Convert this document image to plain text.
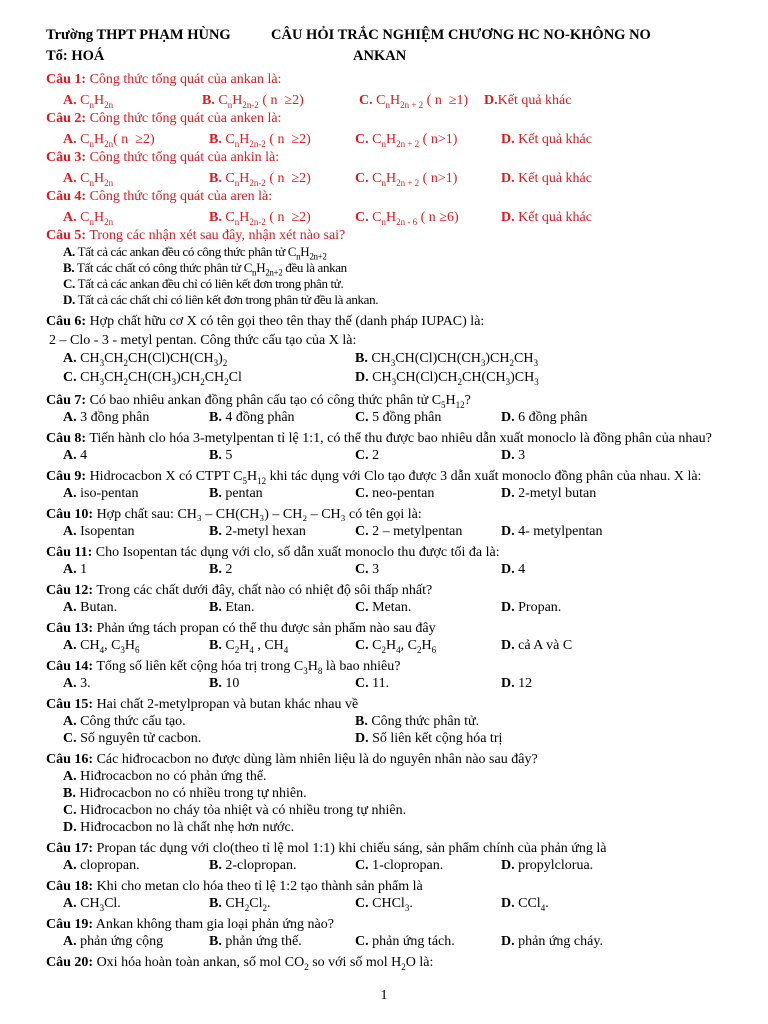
Trường THPT PHẠM HÙNG	CÂU HỎI TRẮC NGHIỆM CHƯƠNG HC NO-KHÔNG NO
Tổ: HOÁ	ANKAN
Câu 1: Công thức tổng quát của ankan là:
A. $C_nH_{2n}$	B. $C_nH_{2n-2}$ ( n  ≥2)	C. $C_nH_{2n + 2}$ ( n  ≥1) D.Kết quả khác
Câu 2: Công thức tổng quát của anken là:
A. $C_nH_{2n}$( n  ≥2)	B. $C_nH_{2n-2}$ ( n  ≥2)	C. $C_nH_{2n + 2}$ ( n>1)	D. Kết quả khác
Câu 3: Công thức tổng quát của ankin là:
A. $C_nH_{2n}$	B. $C_nH_{2n-2}$ ( n  ≥2)	C. $C_nH_{2n + 2}$ ( n>1)	D. Kết quả khác
Câu 4: Công thức tổng quát của aren là:
A. $C_nH_{2n}$	B. $C_nH_{2n-2}$ ( n  ≥2)	C. $C_nH_{2n - 6}$ ( n ≥6)	D. Kết quả khác
Câu 5: Trong các nhận xét sau đây, nhận xét nào sai?
A. Tất cả các ankan đều có công thức phân tử $C_nH_{2n+2}$
B. Tất các chất có công thức phân tử $C_nH_{2n+2}$ đều là ankan
C. Tất cả các ankan đều chỉ có liên kết đơn trong phân tử.
D. Tất cả các chất chỉ có liên kết đơn trong phân tử đều là ankan.
Câu 6: Hợp chất hữu cơ X có tên gọi theo tên thay thế (danh pháp IUPAC) là:
2 – Clo - 3 - metyl pentan. Công thức cấu tạo của X là:
A. $CH_3CH_2CH(Cl)CH(CH_3)_2$	B. $CH_3CH(Cl)CH(CH_3)CH_2CH_3$
C. $CH_3CH_2CH(CH_3)CH_2CH_2Cl$	D. $CH_3CH(Cl)CH_2CH(CH_3)CH_3$
Câu 7: Có bao nhiêu ankan đồng phân cấu tạo có công thức phân tử $C_5H_{12}$?
A. 3 đồng phân	B. 4 đồng phân	C. 5 đồng phân	D. 6 đồng phân
Câu 8: Tiến hành clo hóa 3-metylpentan tỉ lệ 1:1, có thể thu được bao nhiêu dẫn xuất monoclo là đồng phân của nhau?
A. 4	B. 5	C. 2	D. 3
Câu 9: Hidrocacbon X có CTPT $C_5H_{12}$ khi tác dụng với Clo tạo được 3 dẫn xuất monoclo đồng phân của nhau. X là:
A. iso-pentan	B. pentan	C. neo-pentan	D. 2-metyl butan
Câu 10: Hợp chất sau: CH₃ – CH(CH₃) – CH₂ – CH₃ có tên gọi là:
A. Isopentan	B. 2-metyl hexan	C. 2 – metylpentan	D. 4- metylpentan
Câu 11: Cho Isopentan tác dụng với clo, số dẫn xuất monoclo thu được tối đa là:
A. 1	B. 2	C. 3	D. 4
Câu 12: Trong các chất dưới đây, chất nào có nhiệt độ sôi thấp nhất?
A. Butan.	B. Etan.	C. Metan.	D. Propan.
Câu 13: Phản ứng tách propan có thể thu được sản phẩm nào sau đây
A. $CH_4$, $C_3H_6$	B. $C_2H_4$ , $CH_4$	C. $C_2H_4$, $C_2H_6$	D. cả A và C
Câu 14: Tổng số liên kết cộng hóa trị trong $C_3H_8$ là bao nhiêu?
A. 3.	B. 10	C. 11.	D. 12
Câu 15: Hai chất 2-metylpropan và butan khác nhau về
A. Công thức cấu tạo.	B. Công thức phân tử.
C. Số nguyên tử cacbon.	D. Số liên kết cộng hóa trị
Câu 16: Các hiđrocacbon no được dùng làm nhiên liệu là do nguyên nhân nào sau đây?
A. Hiđrocacbon no có phản ứng thế.
B. Hiđrocacbon no có nhiều trong tự nhiên.
C. Hiđrocacbon no cháy tỏa nhiệt và có nhiều trong tự nhiên.
D. Hiđrocacbon no là chất nhẹ hơn nước.
Câu 17: Propan tác dụng với clo(theo tỉ lệ mol 1:1) khi chiếu sáng, sản phẩm chính của phản ứng là
A. clopropan.	B. 2-clopropan.	C. 1-clopropan.	D. propylclorua.
Câu 18: Khi cho metan clo hóa theo tỉ lệ 1:2 tạo thành sản phẩm là
A. $CH_3Cl$.	B. $CH_2Cl_2$.	C. CHCl$_3$.	D. CCl$_4$.
Câu 19: Ankan không tham gia loại phản ứng nào?
A. phản ứng cộng	B. phản ứng thế.	C. phản ứng tách.	D. phản ứng cháy.
Câu 20: Oxi hóa hoàn toàn ankan, số mol $CO_2$ so với số mol $H_2O$ là:
1
